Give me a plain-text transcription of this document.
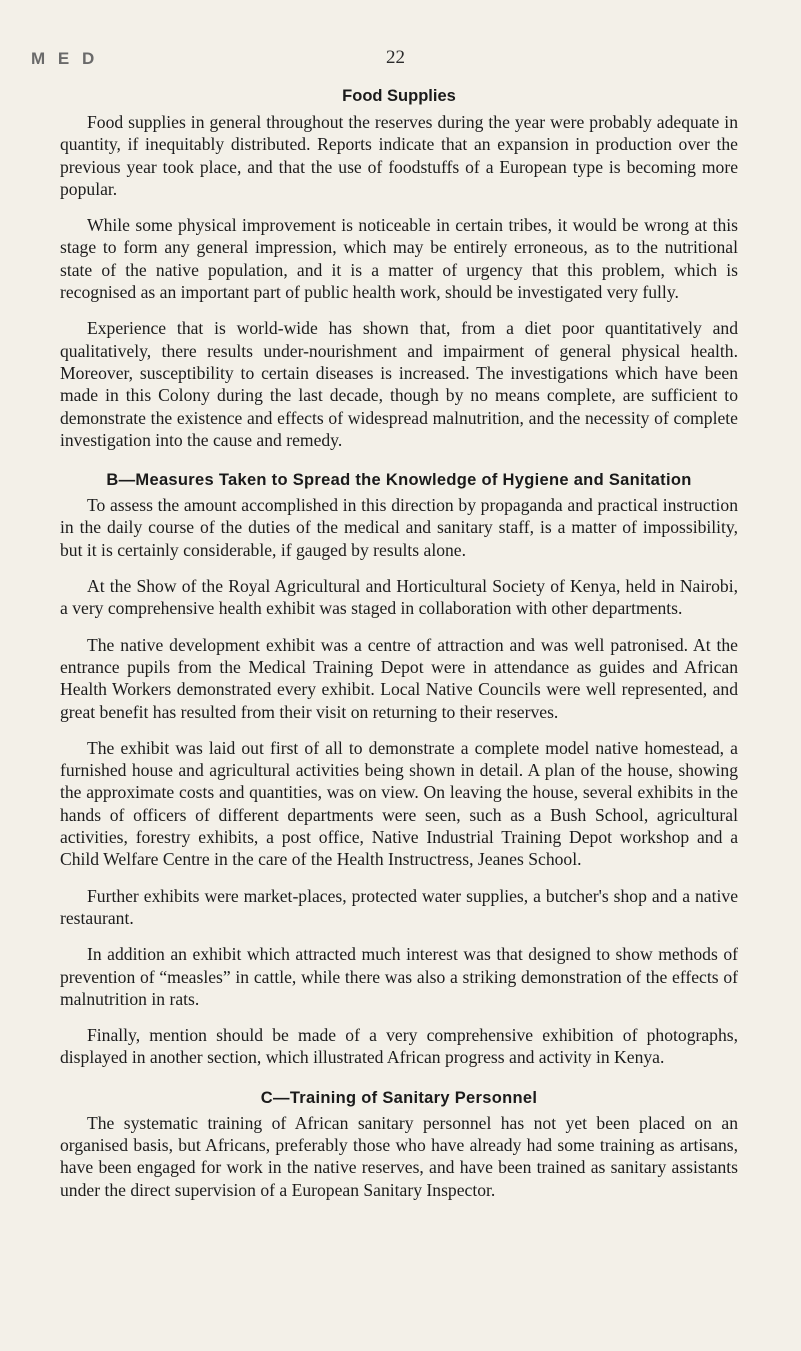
M E D	22
Food Supplies

Food supplies in general throughout the reserves during the year were probably adequate in quantity, if inequitably distributed. Reports indicate that an expansion in production over the previous year took place, and that the use of foodstuffs of a European type is becoming more popular.

While some physical improvement is noticeable in certain tribes, it would be wrong at this stage to form any general impression, which may be entirely erroneous, as to the nutritional state of the native population, and it is a matter of urgency that this problem, which is recognised as an important part of public health work, should be investigated very fully.

Experience that is world-wide has shown that, from a diet poor quantitatively and qualitatively, there results under-nourishment and impairment of general physical health. Moreover, susceptibility to certain diseases is increased. The investigations which have been made in this Colony during the last decade, though by no means complete, are sufficient to demonstrate the existence and effects of widespread malnutrition, and the necessity of complete investigation into the cause and remedy.

B—Measures Taken to Spread the Knowledge of Hygiene and Sanitation

To assess the amount accomplished in this direction by propaganda and practical instruction in the daily course of the duties of the medical and sanitary staff, is a matter of impossibility, but it is certainly considerable, if gauged by results alone.

At the Show of the Royal Agricultural and Horticultural Society of Kenya, held in Nairobi, a very comprehensive health exhibit was staged in collaboration with other departments.

The native development exhibit was a centre of attraction and was well patronised. At the entrance pupils from the Medical Training Depot were in attendance as guides and African Health Workers demonstrated every exhibit. Local Native Councils were well represented, and great benefit has resulted from their visit on returning to their reserves.

The exhibit was laid out first of all to demonstrate a complete model native homestead, a furnished house and agricultural activities being shown in detail. A plan of the house, showing the approximate costs and quantities, was on view. On leaving the house, several exhibits in the hands of officers of different departments were seen, such as a Bush School, agricultural activities, forestry exhibits, a post office, Native Industrial Training Depot workshop and a Child Welfare Centre in the care of the Health Instructress, Jeanes School.

Further exhibits were market-places, protected water supplies, a butcher's shop and a native restaurant.

In addition an exhibit which attracted much interest was that designed to show methods of prevention of “measles” in cattle, while there was also a striking demonstration of the effects of malnutrition in rats.

Finally, mention should be made of a very comprehensive exhibition of photographs, displayed in another section, which illustrated African progress and activity in Kenya.

C—Training of Sanitary Personnel

The systematic training of African sanitary personnel has not yet been placed on an organised basis, but Africans, preferably those who have already had some training as artisans, have been engaged for work in the native reserves, and have been trained as sanitary assistants under the direct supervision of a European Sanitary Inspector.
